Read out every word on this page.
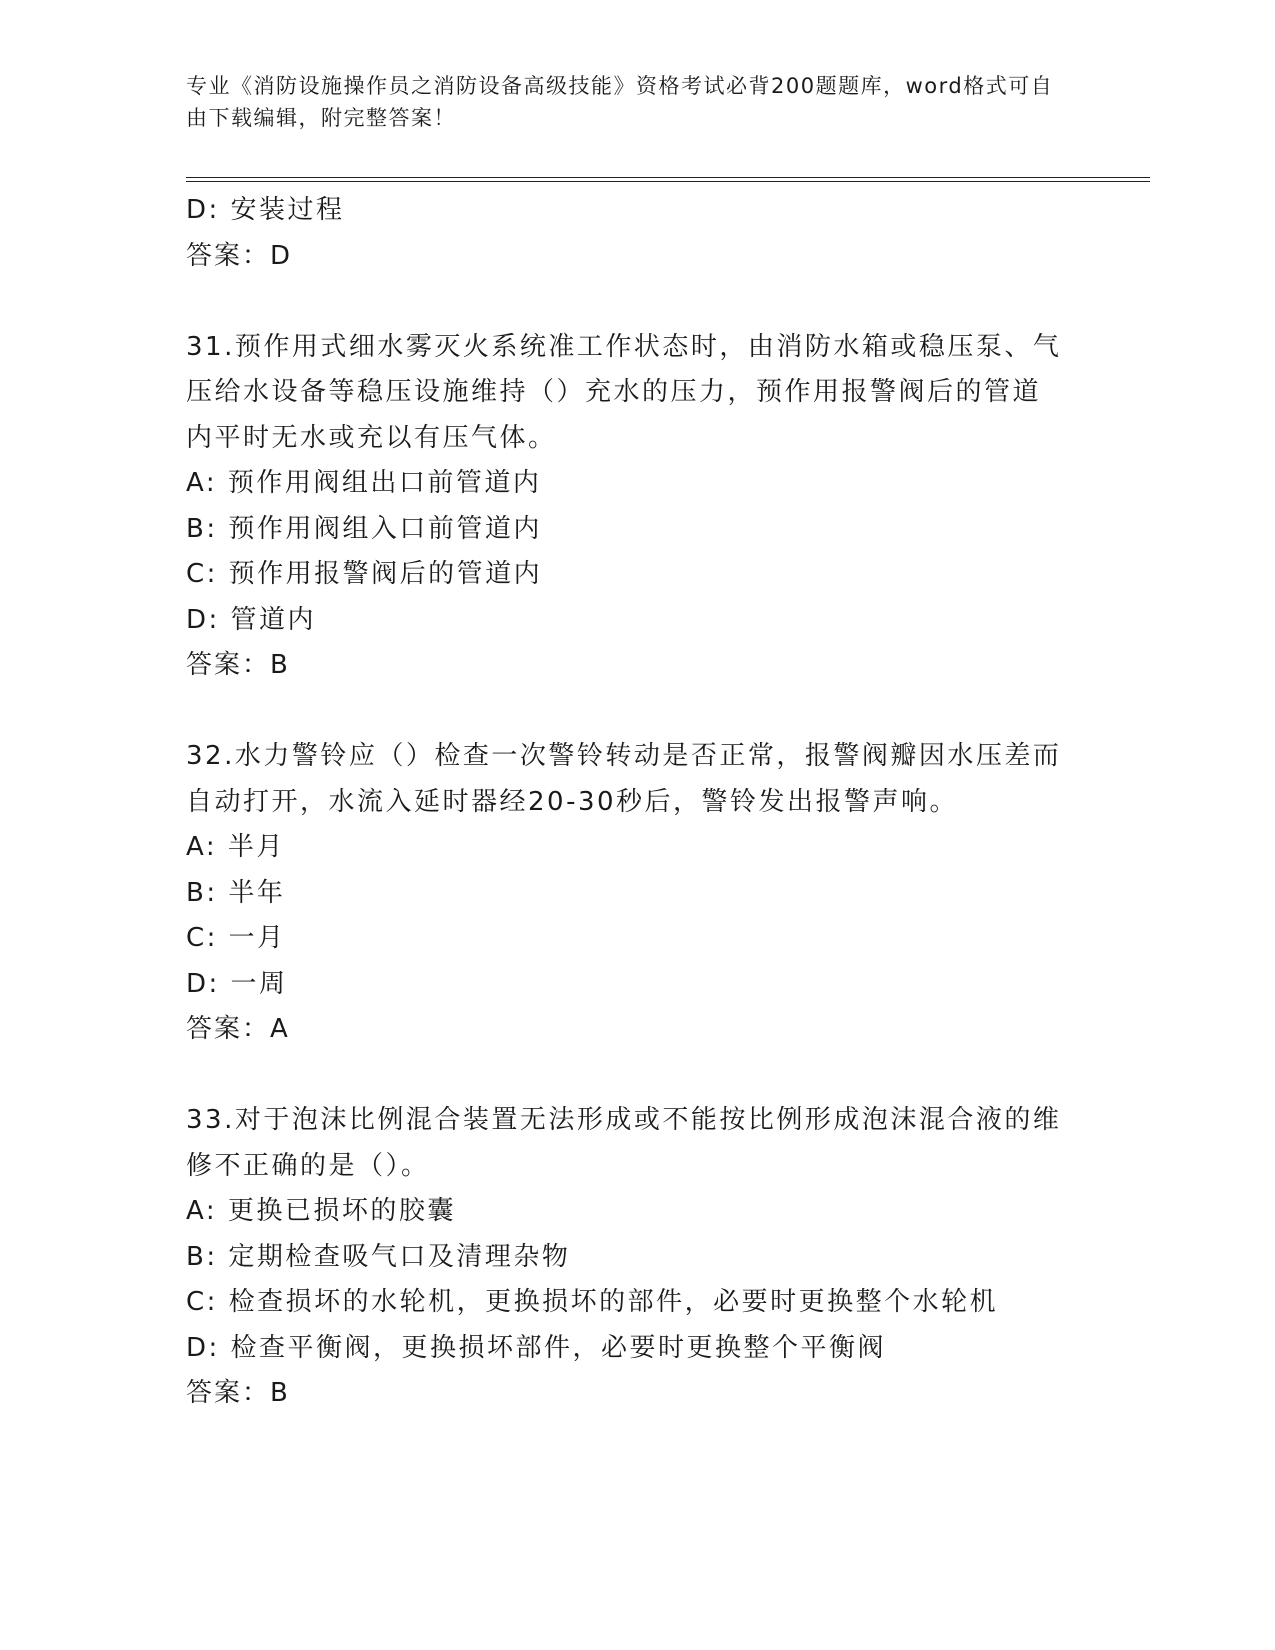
专业《消防设施操作员之消防设备高级技能》资格考试必背200题题库，word格式可自由下载编辑，附完整答案！
D: 安装过程
答案：D
31.预作用式细水雾灭火系统准工作状态时，由消防水箱或稳压泵、气
压给水设备等稳压设施维持（）充水的压力，预作用报警阀后的管道
内平时无水或充以有压气体。
A: 预作用阀组出口前管道内
B: 预作用阀组入口前管道内
C: 预作用报警阀后的管道内
D: 管道内
答案：B
32.水力警铃应（）检查一次警铃转动是否正常，报警阀瓣因水压差而
自动打开，水流入延时器经20-30秒后，警铃发出报警声响。
A: 半月
B: 半年
C: 一月
D: 一周
答案：A
33.对于泡沫比例混合装置无法形成或不能按比例形成泡沫混合液的维
修不正确的是（）。
A: 更换已损坏的胶囊
B: 定期检查吸气口及清理杂物
C: 检查损坏的水轮机，更换损坏的部件，必要时更换整个水轮机
D: 检查平衡阀，更换损坏部件，必要时更换整个平衡阀
答案：B
